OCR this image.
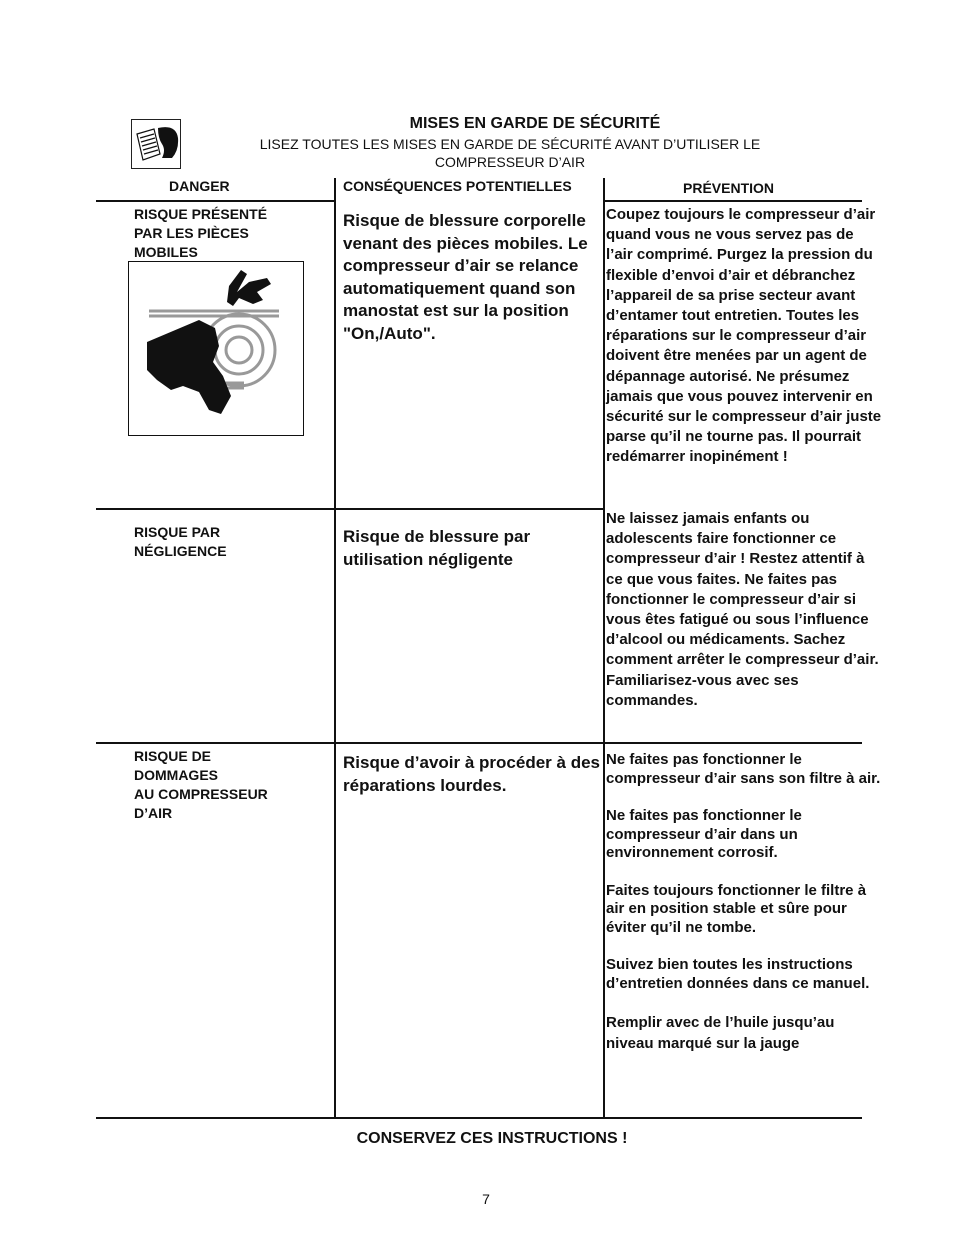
MISES EN GARDE DE SÉCURITÉ
LISEZ TOUTES LES MISES EN GARDE DE SÉCURITÉ AVANT D’UTILISER LE
COMPRESSEUR D’AIR
DANGER	CONSÉQUENCES POTENTIELLES	PRÉVENTION
RISQUE PRÉSENTÉ
PAR LES PIÈCES
MOBILES
Risque de blessure corporelle venant des pièces mobiles. Le compresseur d’air se relance automatiquement quand son manostat est sur la position "On,/Auto".
Coupez toujours le compresseur d’air quand vous ne vous servez pas de l’air comprimé. Purgez la pression du flexible d’envoi d’air et débranchez l’appareil de sa prise secteur avant d’entamer tout entretien. Toutes les réparations sur le compresseur d’air doivent être menées par un agent de dépannage autorisé. Ne présumez jamais que vous pouvez intervenir en sécurité sur le compresseur d’air juste parse qu’il ne tourne pas. Il pourrait redémarrer inopinément !
RISQUE PAR
NÉGLIGENCE
Risque de blessure par utilisation négligente
Ne laissez jamais enfants ou adolescents faire fonctionner ce compresseur d’air ! Restez attentif à ce que vous faites. Ne faites pas fonctionner le compresseur d’air si vous êtes fatigué ou sous l’influence d’alcool ou médicaments. Sachez comment arrêter le compresseur d’air. Familiarisez-vous avec ses commandes.
RISQUE DE
DOMMAGES
AU COMPRESSEUR
D’AIR
Risque d’avoir à procéder à des réparations lourdes.

Ne faites pas fonctionner le compresseur d’air sans son filtre à air.

Ne faites pas fonctionner le compresseur d’air dans un environnement corrosif.

Faites toujours fonctionner le filtre à air en position stable et sûre pour éviter qu’il ne tombe.

Suivez bien toutes les instructions d’entretien données dans ce manuel.

Remplir avec de l’huile jusqu’au niveau marqué sur la jauge

CONSERVEZ CES INSTRUCTIONS !
7
